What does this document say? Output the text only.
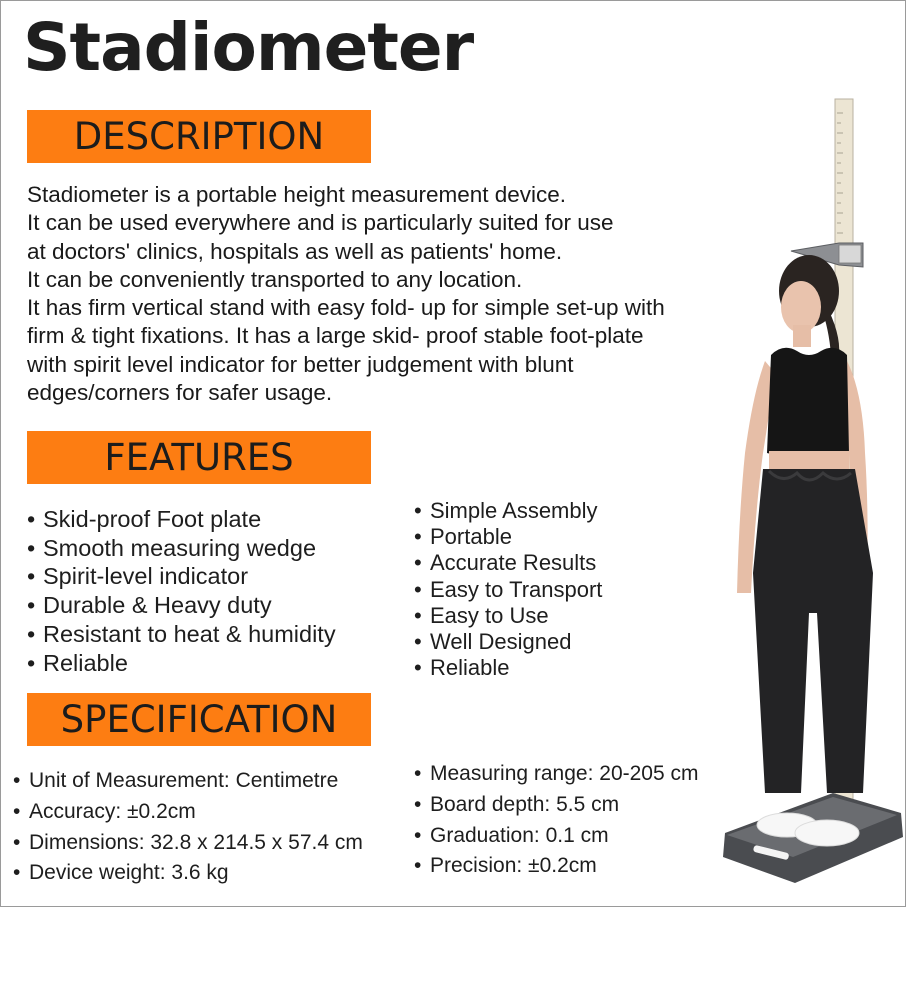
Stadiometer
DESCRIPTION
Stadiometer is a portable height measurement device.
It can be used everywhere and is particularly suited for use
at doctors' clinics, hospitals as well as patients' home.
It can be conveniently transported to any location.
It has firm vertical stand with easy fold- up for simple set-up with
firm & tight fixations. It has a large skid- proof stable foot-plate
with spirit level indicator for better judgement with blunt
edges/corners for safer usage.
FEATURES
• Skid-proof Foot plate
• Smooth measuring wedge
• Spirit-level indicator
• Durable & Heavy duty
• Resistant to heat & humidity
• Reliable
• Simple Assembly
• Portable
• Accurate Results
• Easy to Transport
• Easy to Use
• Well Designed
• Reliable
SPECIFICATION
• Unit of Measurement: Centimetre
• Accuracy: ±0.2cm
• Dimensions: 32.8 x 214.5 x 57.4 cm
• Device weight: 3.6 kg
• Measuring range: 20-205 cm
• Board depth: 5.5 cm
• Graduation: 0.1 cm
• Precision: ±0.2cm
